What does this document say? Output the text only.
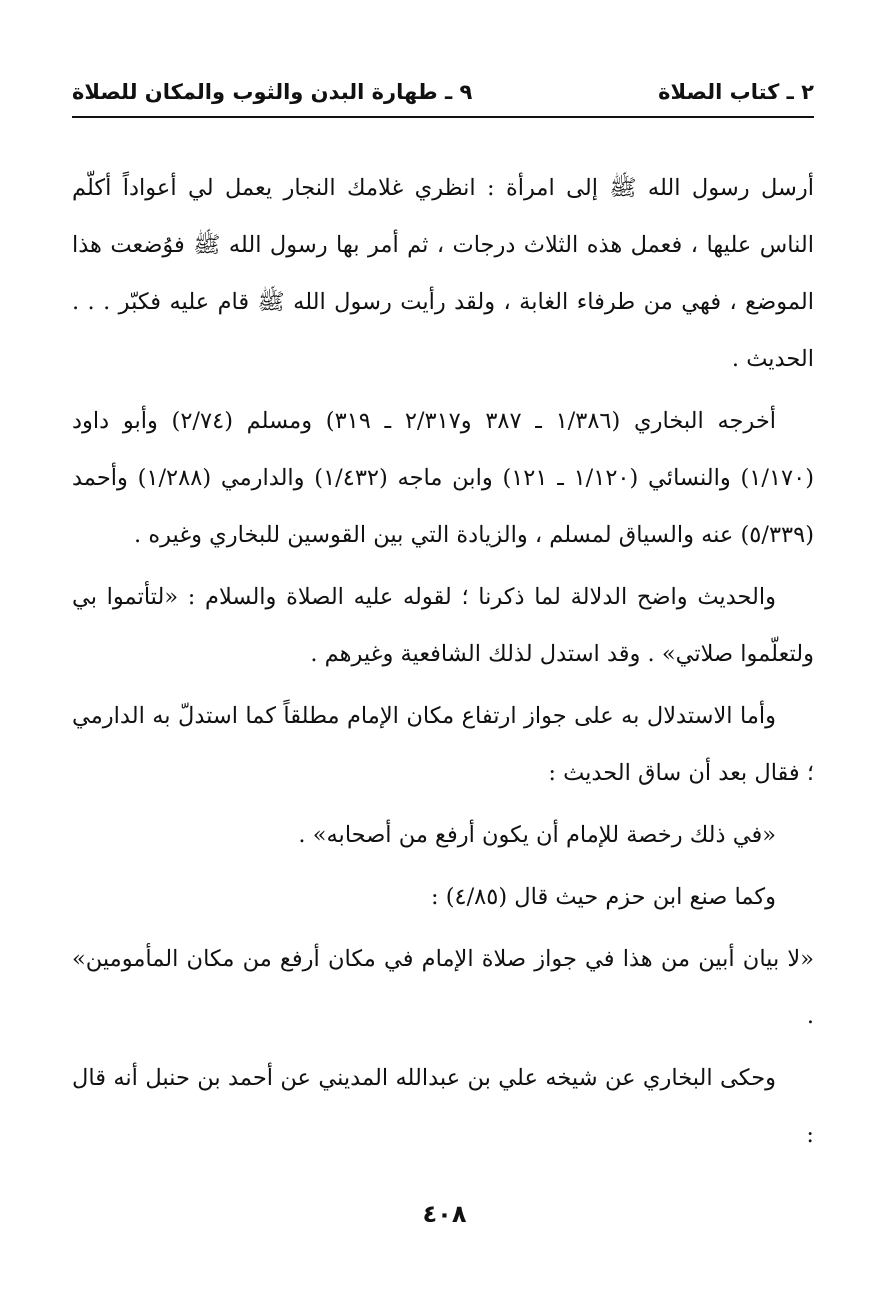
٢ ـ كتاب الصلاة
٩ ـ طهارة البدن والثوب والمكان للصلاة

أرسل رسول الله ﷺ إلى امرأة : انظري غلامك النجار يعمل لي أعواداً أكلّم الناس عليها ، فعمل هذه الثلاث درجات ، ثم أمر بها رسول الله ﷺ فوُضعت هذا الموضع ، فهي من طرفاء الغابة ، ولقد رأيت رسول الله ﷺ قام عليه فكبّر . . . الحديث .

أخرجه البخاري (١/٣٨٦ ـ ٣٨٧ و٢/٣١٧ ـ ٣١٩) ومسلم (٢/٧٤) وأبو داود (١/١٧٠) والنسائي (١/١٢٠ ـ ١٢١) وابن ماجه (١/٤٣٢) والدارمي (١/٢٨٨) وأحمد (٥/٣٣٩) عنه والسياق لمسلم ، والزيادة التي بين القوسين للبخاري وغيره .

والحديث واضح الدلالة لما ذكرنا ؛ لقوله عليه الصلاة والسلام : «لتأتموا بي ولتعلّموا صلاتي» . وقد استدل لذلك الشافعية وغيرهم .

وأما الاستدلال به على جواز ارتفاع مكان الإمام مطلقاً كما استدلّ به الدارمي ؛ فقال بعد أن ساق الحديث :

«في ذلك رخصة للإمام أن يكون أرفع من أصحابه» .

وكما صنع ابن حزم حيث قال (٤/٨٥) :

«لا بيان أبين من هذا في جواز صلاة الإمام في مكان أرفع من مكان المأمومين» .

وحكى البخاري عن شيخه علي بن عبدالله المديني عن أحمد بن حنبل أنه قال :

٤٠٨
